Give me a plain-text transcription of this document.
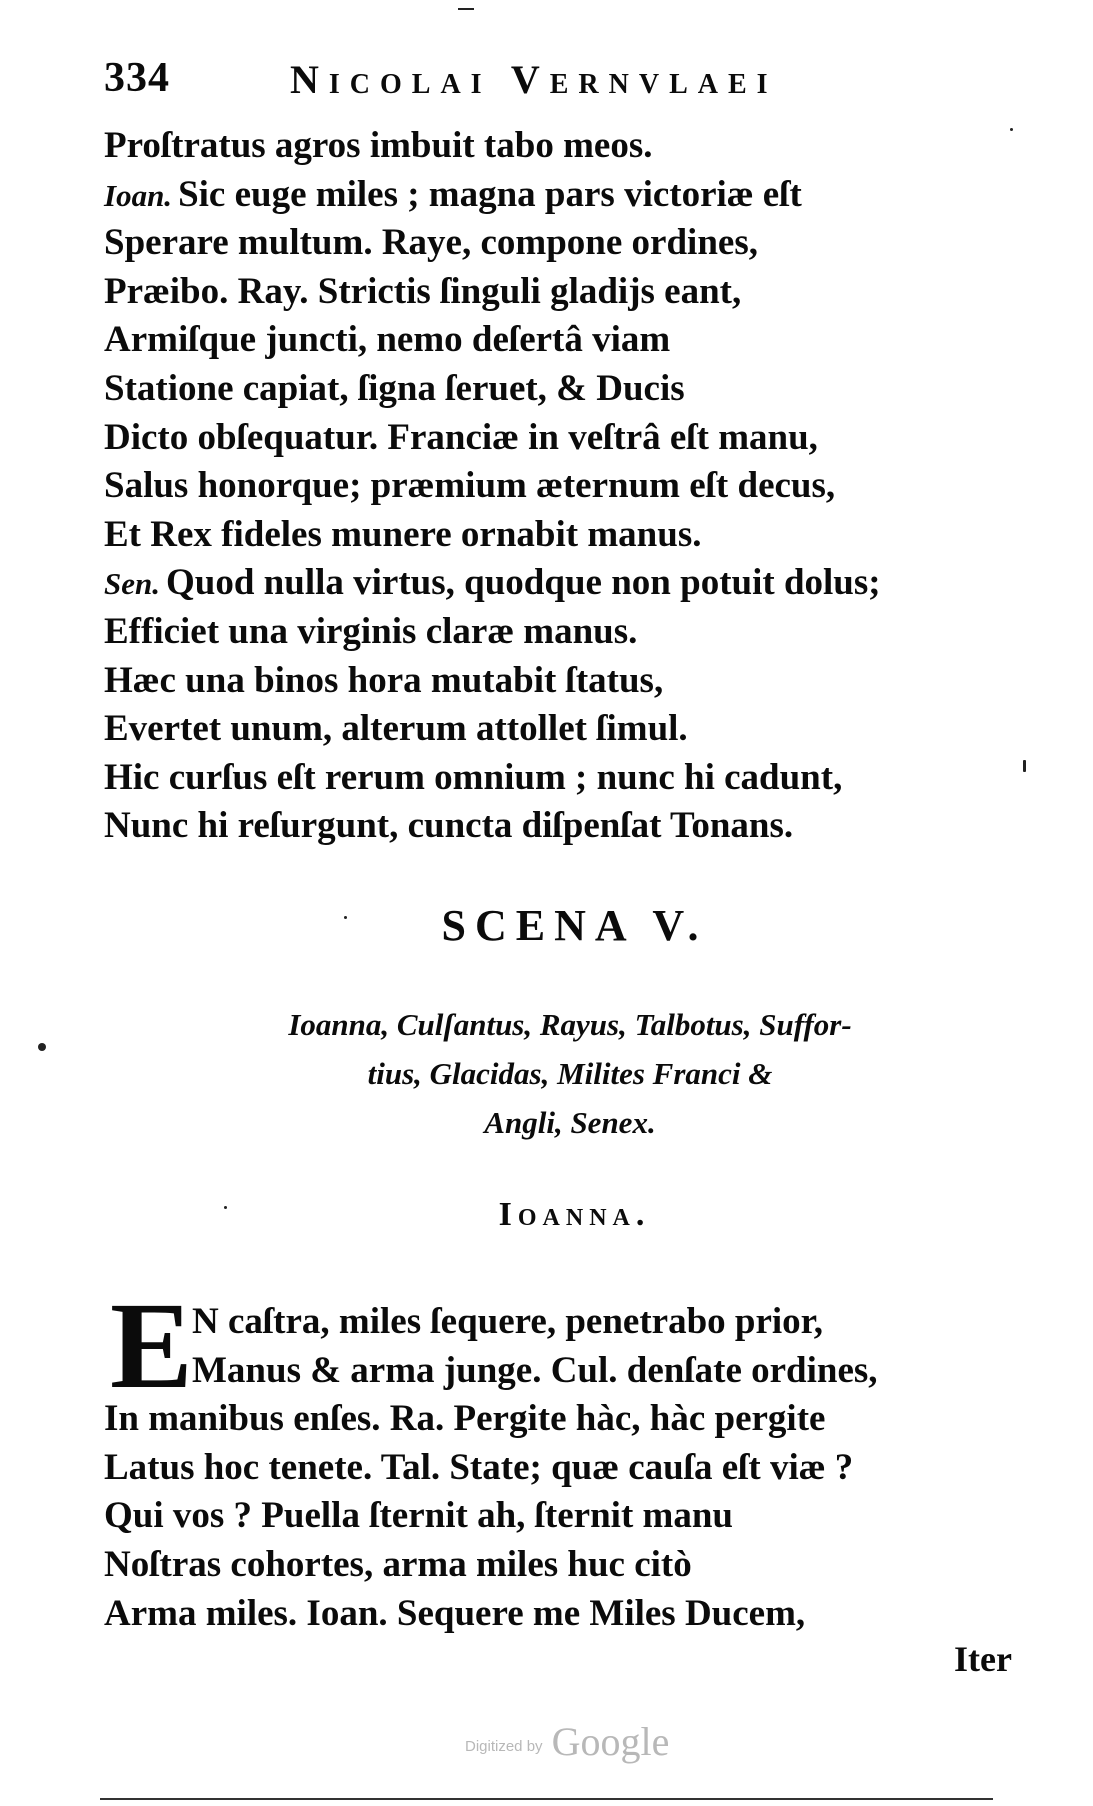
334	Nicolai Vernvlaei
Proſtratus agros imbuit tabo meos.
Ioan. Sic euge miles ; magna pars victoriæ eſt
Sperare multum. Raye, compone ordines,
Præibo. Ray. Strictis ſinguli gladijs eant,
Armiſque juncti, nemo deſertâ viam
Statione capiat, ſigna ſeruet, & Ducis
Dicto obſequatur. Franciæ in veſtrâ eſt manu,
Salus honorque; præmium æternum eſt decus,
Et Rex fideles munere ornabit manus.
Sen. Quod nulla virtus, quodque non potuit dolus;
Efficiet una virginis claræ manus.
Hæc una binos hora mutabit ſtatus,
Evertet unum, alterum attollet ſimul.
Hic curſus eſt rerum omnium ; nunc hi cadunt,
Nunc hi reſurgunt, cuncta diſpenſat Tonans.
SCENA V.
Ioanna, Culſantus, Rayus, Talbotus, Suffor-
tius, Glacidas, Milites Franci &
Angli, Senex.
Ioanna.
E N caſtra, miles ſequere, penetrabo prior,
Manus & arma junge. Cul. denſate ordines,
In manibus enſes. Ra. Pergite hàc, hàc pergite
Latus hoc tenete. Tal. State; quæ cauſa eſt viæ ?
Qui vos ? Puella ſternit ah, ſternit manu
Noſtras cohortes, arma miles huc citò
Arma miles. Ioan. Sequere me Miles Ducem,
Iter
Digitized by Google
